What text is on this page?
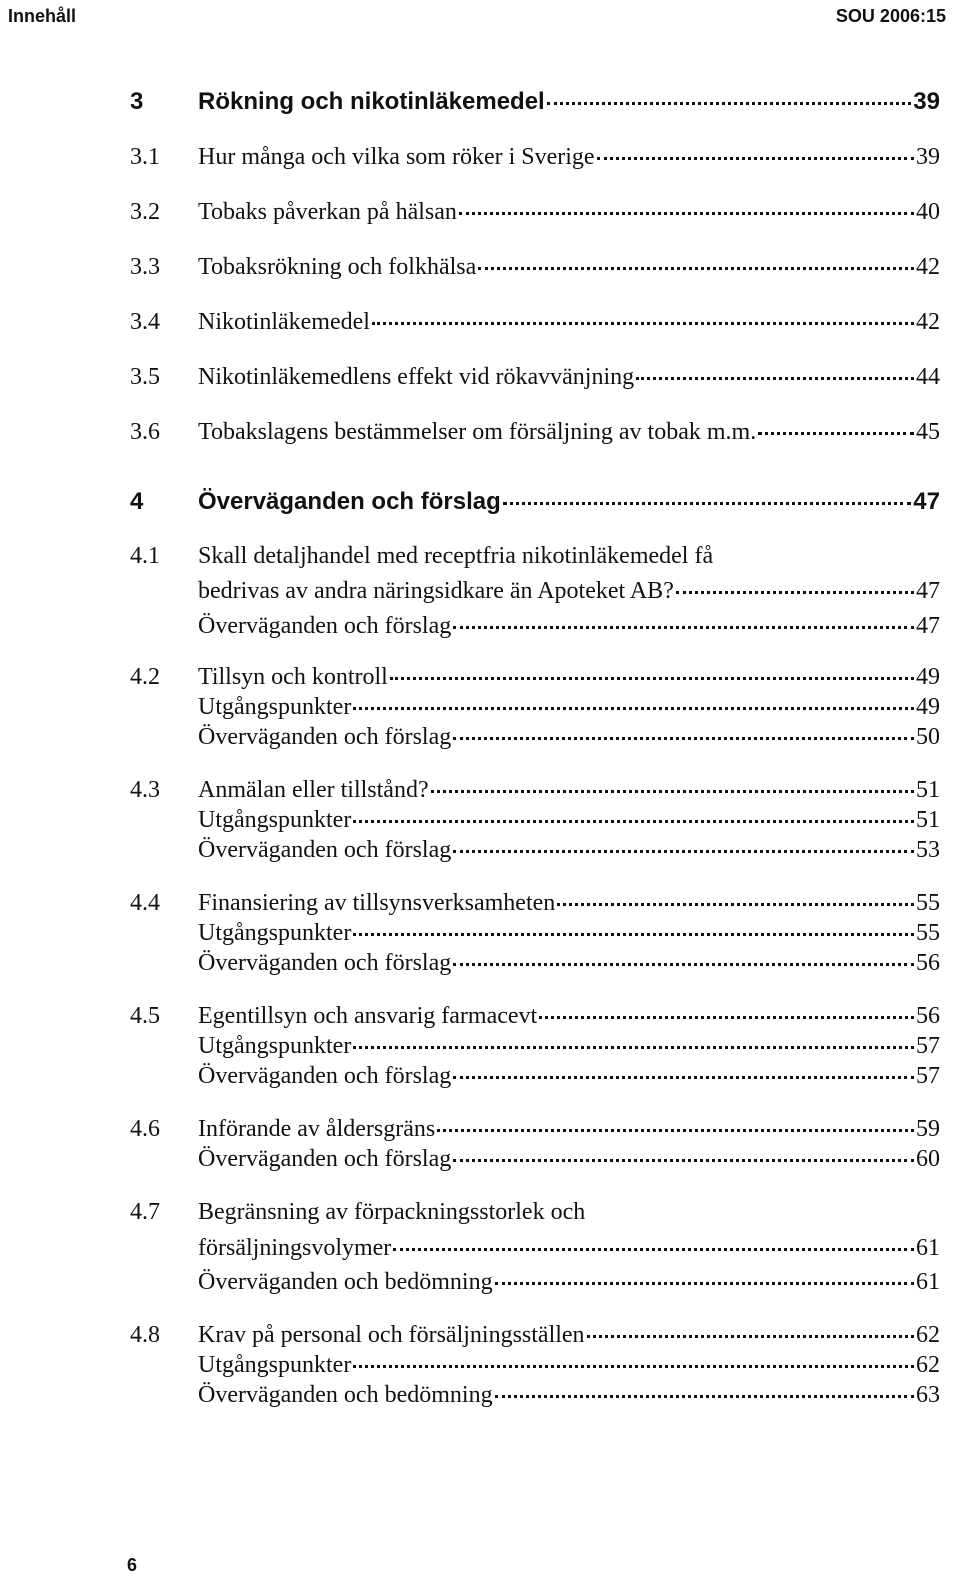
Innehåll	SOU 2006:15
3 Rökning och nikotinläkemedel	39
3.1 Hur många och vilka som röker i Sverige	39
3.2 Tobaks påverkan på hälsan	40
3.3 Tobaksrökning och folkhälsa	42
3.4 Nikotinläkemedel	42
3.5 Nikotinläkemedlens effekt vid rökavvänjning	44
3.6 Tobakslagens bestämmelser om försäljning av tobak m.m.	45
4 Överväganden och förslag	47
4.1 Skall detaljhandel med receptfria nikotinläkemedel få
bedrivas av andra näringsidkare än Apoteket AB?	47
Överväganden och förslag	47
4.2 Tillsyn och kontroll	49
Utgångspunkter	49
Överväganden och förslag	50
4.3 Anmälan eller tillstånd?	51
Utgångspunkter	51
Överväganden och förslag	53
4.4 Finansiering av tillsynsverksamheten	55
Utgångspunkter	55
Överväganden och förslag	56
4.5 Egentillsyn och ansvarig farmacevt	56
Utgångspunkter	57
Överväganden och förslag	57
4.6 Införande av åldersgräns	59
Överväganden och förslag	60
4.7 Begränsning av förpackningsstorlek och
försäljningsvolymer	61
Överväganden och bedömning	61
4.8 Krav på personal och försäljningsställen	62
Utgångspunkter	62
Överväganden och bedömning	63
6
